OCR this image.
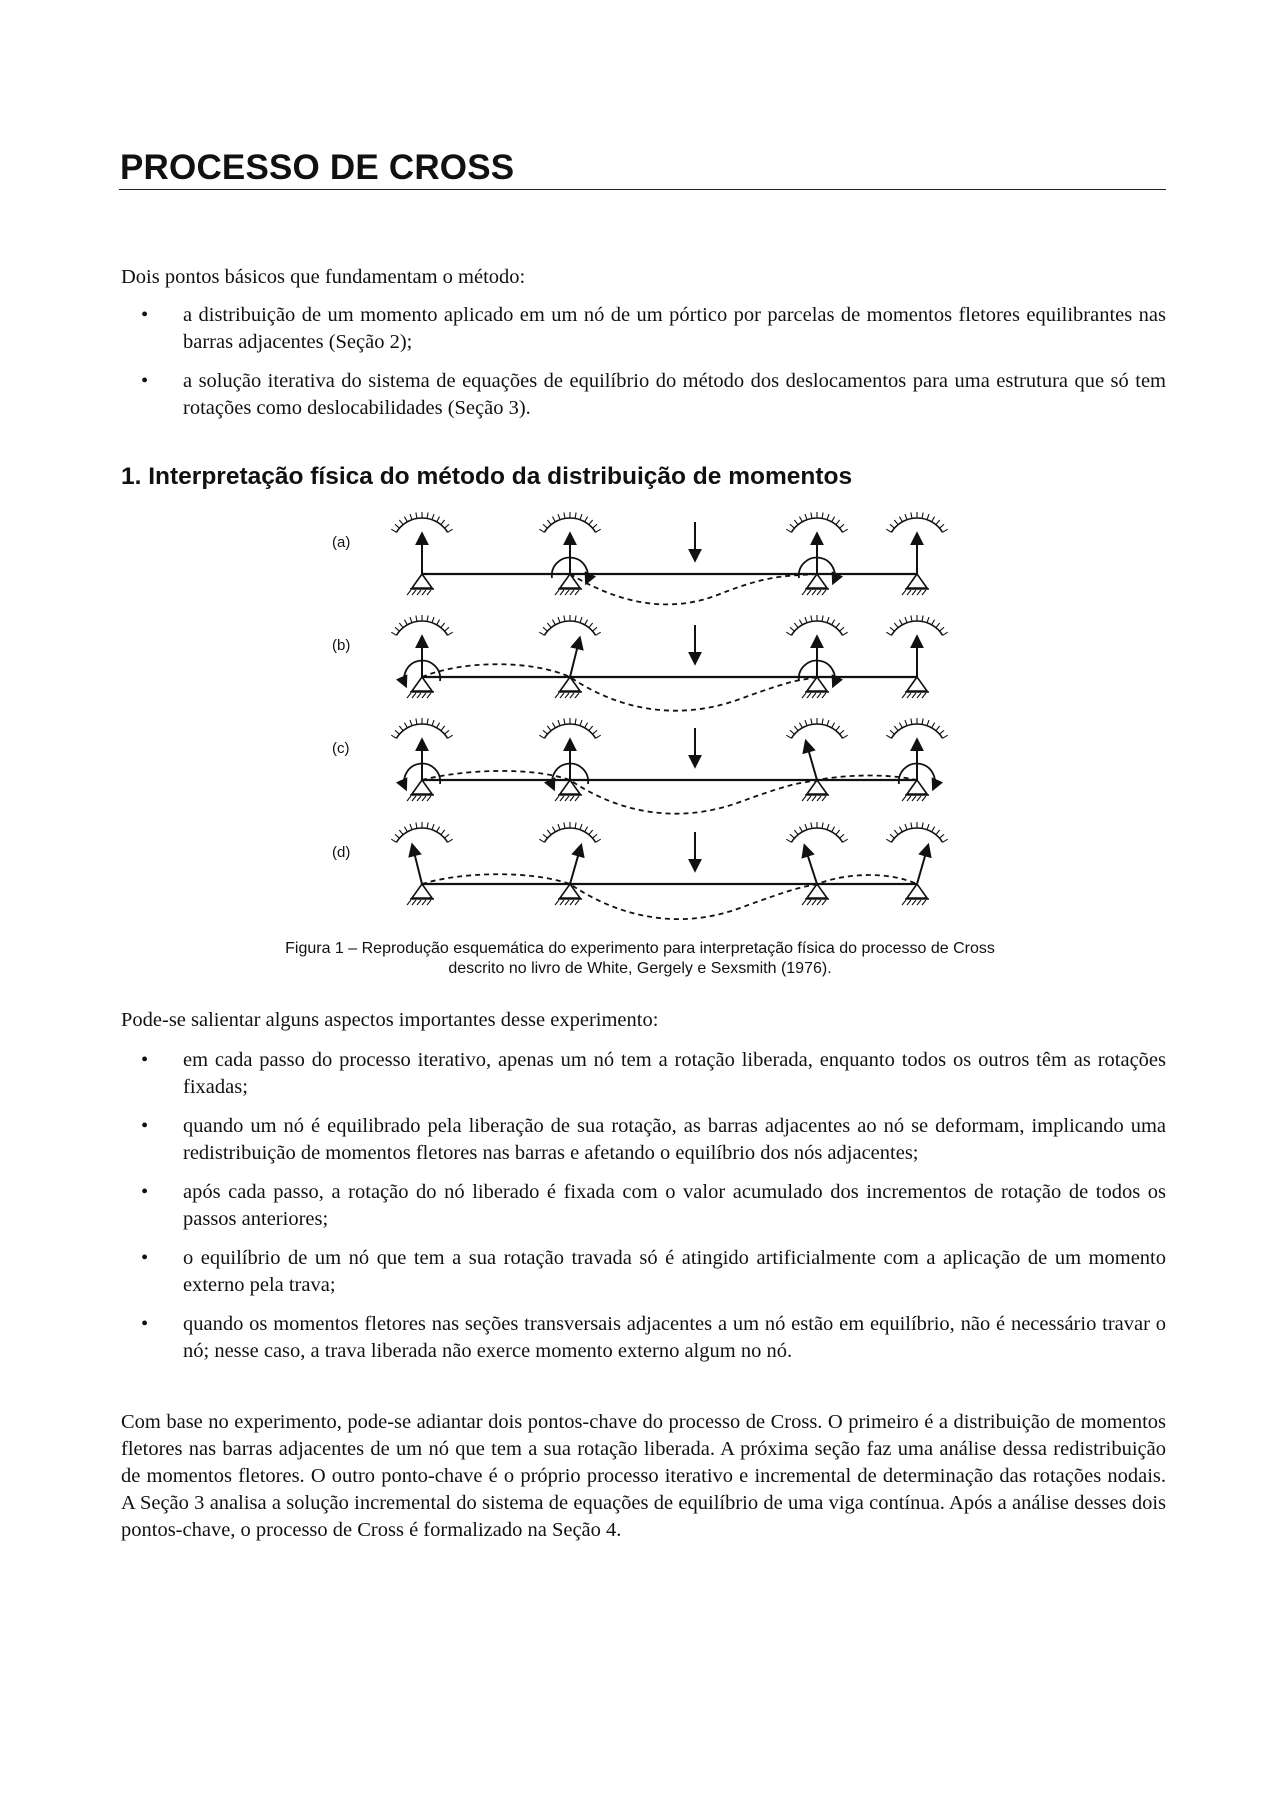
PROCESSO DE CROSS

Dois pontos básicos que fundamentam o método:

• a distribuição de um momento aplicado em um nó de um pórtico por parcelas de momentos fletores equilibrantes nas barras adjacentes (Seção 2);
• a solução iterativa do sistema de equações de equilíbrio do método dos deslocamentos para uma estrutura que só tem rotações como deslocabilidades (Seção 3).
1. Interpretação física do método da distribuição de momentos
(a)
(b)
(c)
(d)
Figura 1 – Reprodução esquemática do experimento para interpretação física do processo de Cross
descrito no livro de White, Gergely e Sexsmith (1976).

Pode-se salientar alguns aspectos importantes desse experimento:

• em cada passo do processo iterativo, apenas um nó tem a rotação liberada, enquanto todos os outros têm as rotações fixadas;
• quando um nó é equilibrado pela liberação de sua rotação, as barras adjacentes ao nó se deformam, implicando uma redistribuição de momentos fletores nas barras e afetando o equilíbrio dos nós adjacentes;
• após cada passo, a rotação do nó liberado é fixada com o valor acumulado dos incrementos de rotação de todos os passos anteriores;
• o equilíbrio de um nó que tem a sua rotação travada só é atingido artificialmente com a aplicação de um momento externo pela trava;
• quando os momentos fletores nas seções transversais adjacentes a um nó estão em equilíbrio, não é necessário travar o nó; nesse caso, a trava liberada não exerce momento externo algum no nó.

Com base no experimento, pode-se adiantar dois pontos-chave do processo de Cross. O primeiro é a distribuição de momentos fletores nas barras adjacentes de um nó que tem a sua rotação liberada. A próxima seção faz uma análise dessa redistribuição de momentos fletores. O outro ponto-chave é o próprio processo iterativo e incremental de determinação das rotações nodais. A Seção 3 analisa a solução incremental do sistema de equações de equilíbrio de uma viga contínua. Após a análise desses dois pontos-chave, o processo de Cross é formalizado na Seção 4.
